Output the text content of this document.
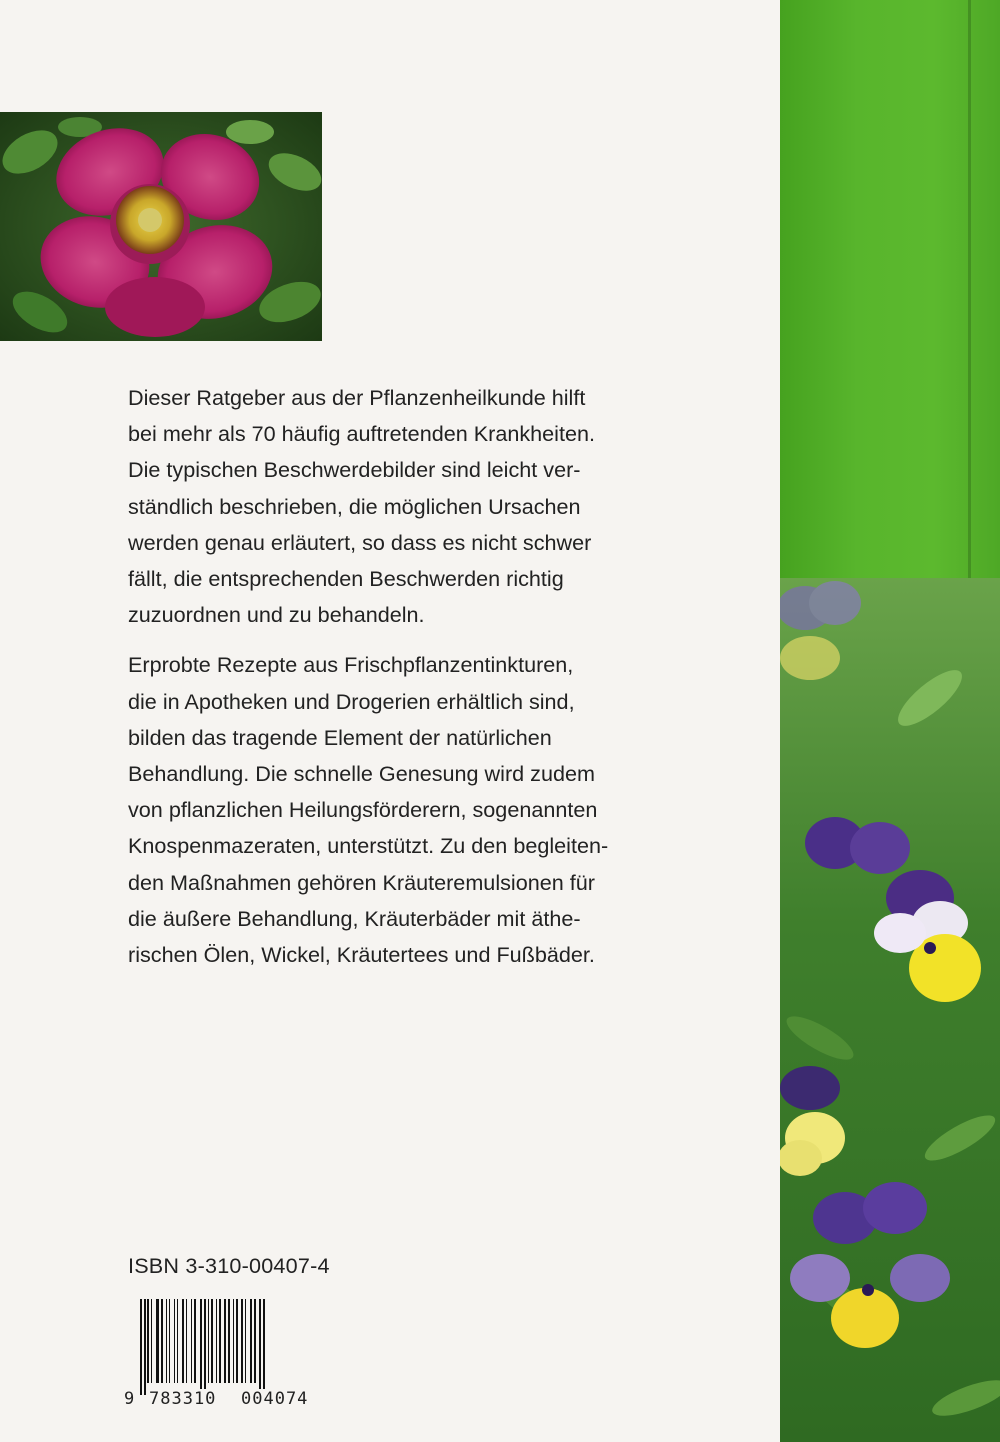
Dieser Ratgeber aus der Pflanzenheilkunde hilft
bei mehr als 70 häufig auftretenden Krankheiten.
Die typischen Beschwerdebilder sind leicht ver-
ständlich beschrieben, die möglichen Ursachen
werden genau erläutert, so dass es nicht schwer
fällt, die entsprechenden Beschwerden richtig
zuzuordnen und zu behandeln.

Erprobte Rezepte aus Frischpflanzentinkturen,
die in Apotheken und Drogerien erhältlich sind,
bilden das tragende Element der natürlichen
Behandlung. Die schnelle Genesung wird zudem
von pflanzlichen Heilungsförderern, sogenannten
Knospenmazeraten, unterstützt. Zu den begleiten-
den Maßnahmen gehören Kräuteremulsionen für
die äußere Behandlung, Kräuterbäder mit äthe-
rischen Ölen, Wickel, Kräutertees und Fußbäder.

ISBN 3-310-00407-4
9 783310 004074
